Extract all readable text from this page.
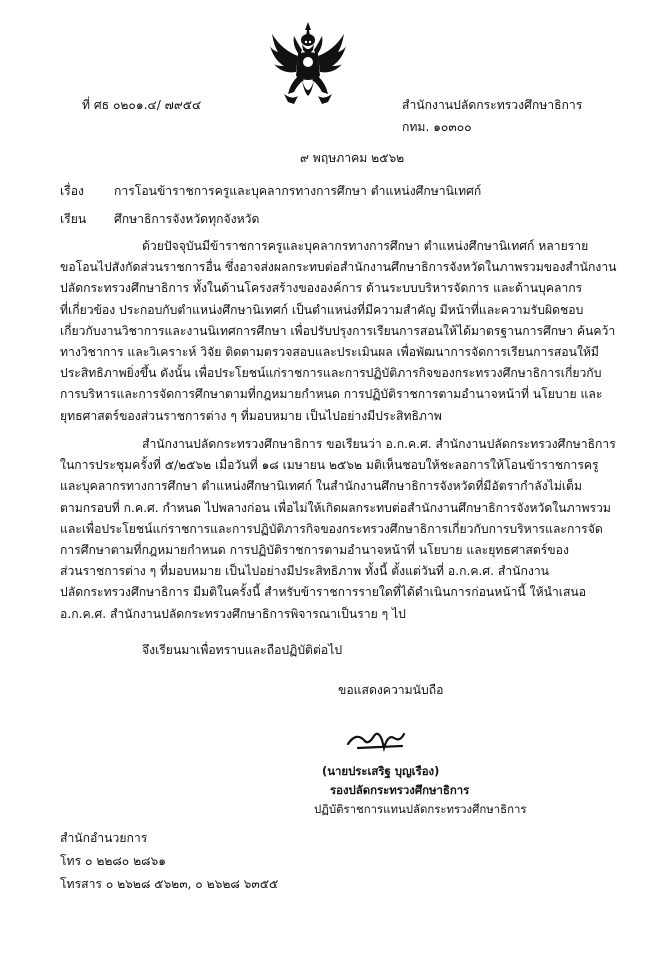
ที่ ศธ ๐๒๐๑.๔/ ๗๙๕๔	สำนักงานปลัดกระทรวงศึกษาธิการ
กทม. ๑๐๓๐๐
๙ พฤษภาคม ๒๕๖๒
เรื่อง การโอนข้าราชการครูและบุคลากรทางการศึกษา ตำแหน่งศึกษานิเทศก์
เรียน ศึกษาธิการจังหวัดทุกจังหวัด
ด้วยปัจจุบันมีข้าราชการครูและบุคลากรทางการศึกษา ตำแหน่งศึกษานิเทศก์ หลายราย
ขอโอนไปสังกัดส่วนราชการอื่น ซึ่งอาจส่งผลกระทบต่อสำนักงานศึกษาธิการจังหวัดในภาพรวมของสำนักงาน
ปลัดกระทรวงศึกษาธิการ ทั้งในด้านโครงสร้างขององค์การ ด้านระบบบริหารจัดการ และด้านบุคลากร
ที่เกี่ยวข้อง ประกอบกับตำแหน่งศึกษานิเทศก์ เป็นตำแหน่งที่มีความสำคัญ มีหน้าที่และความรับผิดชอบ
เกี่ยวกับงานวิชาการและงานนิเทศการศึกษา เพื่อปรับปรุงการเรียนการสอนให้ได้มาตรฐานการศึกษา ค้นคว้า
ทางวิชาการ และวิเคราะห์ วิจัย ติดตามตรวจสอบและประเมินผล เพื่อพัฒนาการจัดการเรียนการสอนให้มี
ประสิทธิภาพยิ่งขึ้น ดังนั้น เพื่อประโยชน์แก่ราชการและการปฏิบัติภารกิจของกระทรวงศึกษาธิการเกี่ยวกับ
การบริหารและการจัดการศึกษาตามที่กฎหมายกำหนด การปฏิบัติราชการตามอำนาจหน้าที่ นโยบาย และ
ยุทธศาสตร์ของส่วนราชการต่าง ๆ ที่มอบหมาย เป็นไปอย่างมีประสิทธิภาพ
สำนักงานปลัดกระทรวงศึกษาธิการ ขอเรียนว่า อ.ก.ค.ศ. สำนักงานปลัดกระทรวงศึกษาธิการ
ในการประชุมครั้งที่ ๕/๒๕๖๒ เมื่อวันที่ ๑๘ เมษายน ๒๕๖๒ มติเห็นชอบให้ชะลอการให้โอนข้าราชการครู
และบุคลากรทางการศึกษา ตำแหน่งศึกษานิเทศก์ ในสำนักงานศึกษาธิการจังหวัดที่มีอัตรากำลังไม่เต็ม
ตามกรอบที่ ก.ค.ศ. กำหนด ไปพลางก่อน เพื่อไม่ให้เกิดผลกระทบต่อสำนักงานศึกษาธิการจังหวัดในภาพรวม
และเพื่อประโยชน์แก่ราชการและการปฏิบัติภารกิจของกระทรวงศึกษาธิการเกี่ยวกับการบริหารและการจัด
การศึกษาตามที่กฎหมายกำหนด การปฏิบัติราชการตามอำนาจหน้าที่ นโยบาย และยุทธศาสตร์ของ
ส่วนราชการต่าง ๆ ที่มอบหมาย เป็นไปอย่างมีประสิทธิภาพ ทั้งนี้ ตั้งแต่วันที่ อ.ก.ค.ศ. สำนักงาน
ปลัดกระทรวงศึกษาธิการ มีมติในครั้งนี้ สำหรับข้าราชการรายใดที่ได้ดำเนินการก่อนหน้านี้ ให้นำเสนอ
อ.ก.ค.ศ. สำนักงานปลัดกระทรวงศึกษาธิการพิจารณาเป็นราย ๆ ไป
จึงเรียนมาเพื่อทราบและถือปฏิบัติต่อไป
ขอแสดงความนับถือ
(นายประเสริฐ บุญเรือง)
รองปลัดกระทรวงศึกษาธิการ
ปฏิบัติราชการแทนปลัดกระทรวงศึกษาธิการ
สำนักอำนวยการ
โทร ๐ ๒๒๘๐ ๒๘๖๑
โทรสาร ๐ ๒๖๒๘ ๕๖๒๓, ๐ ๒๖๒๘ ๖๓๕๕
